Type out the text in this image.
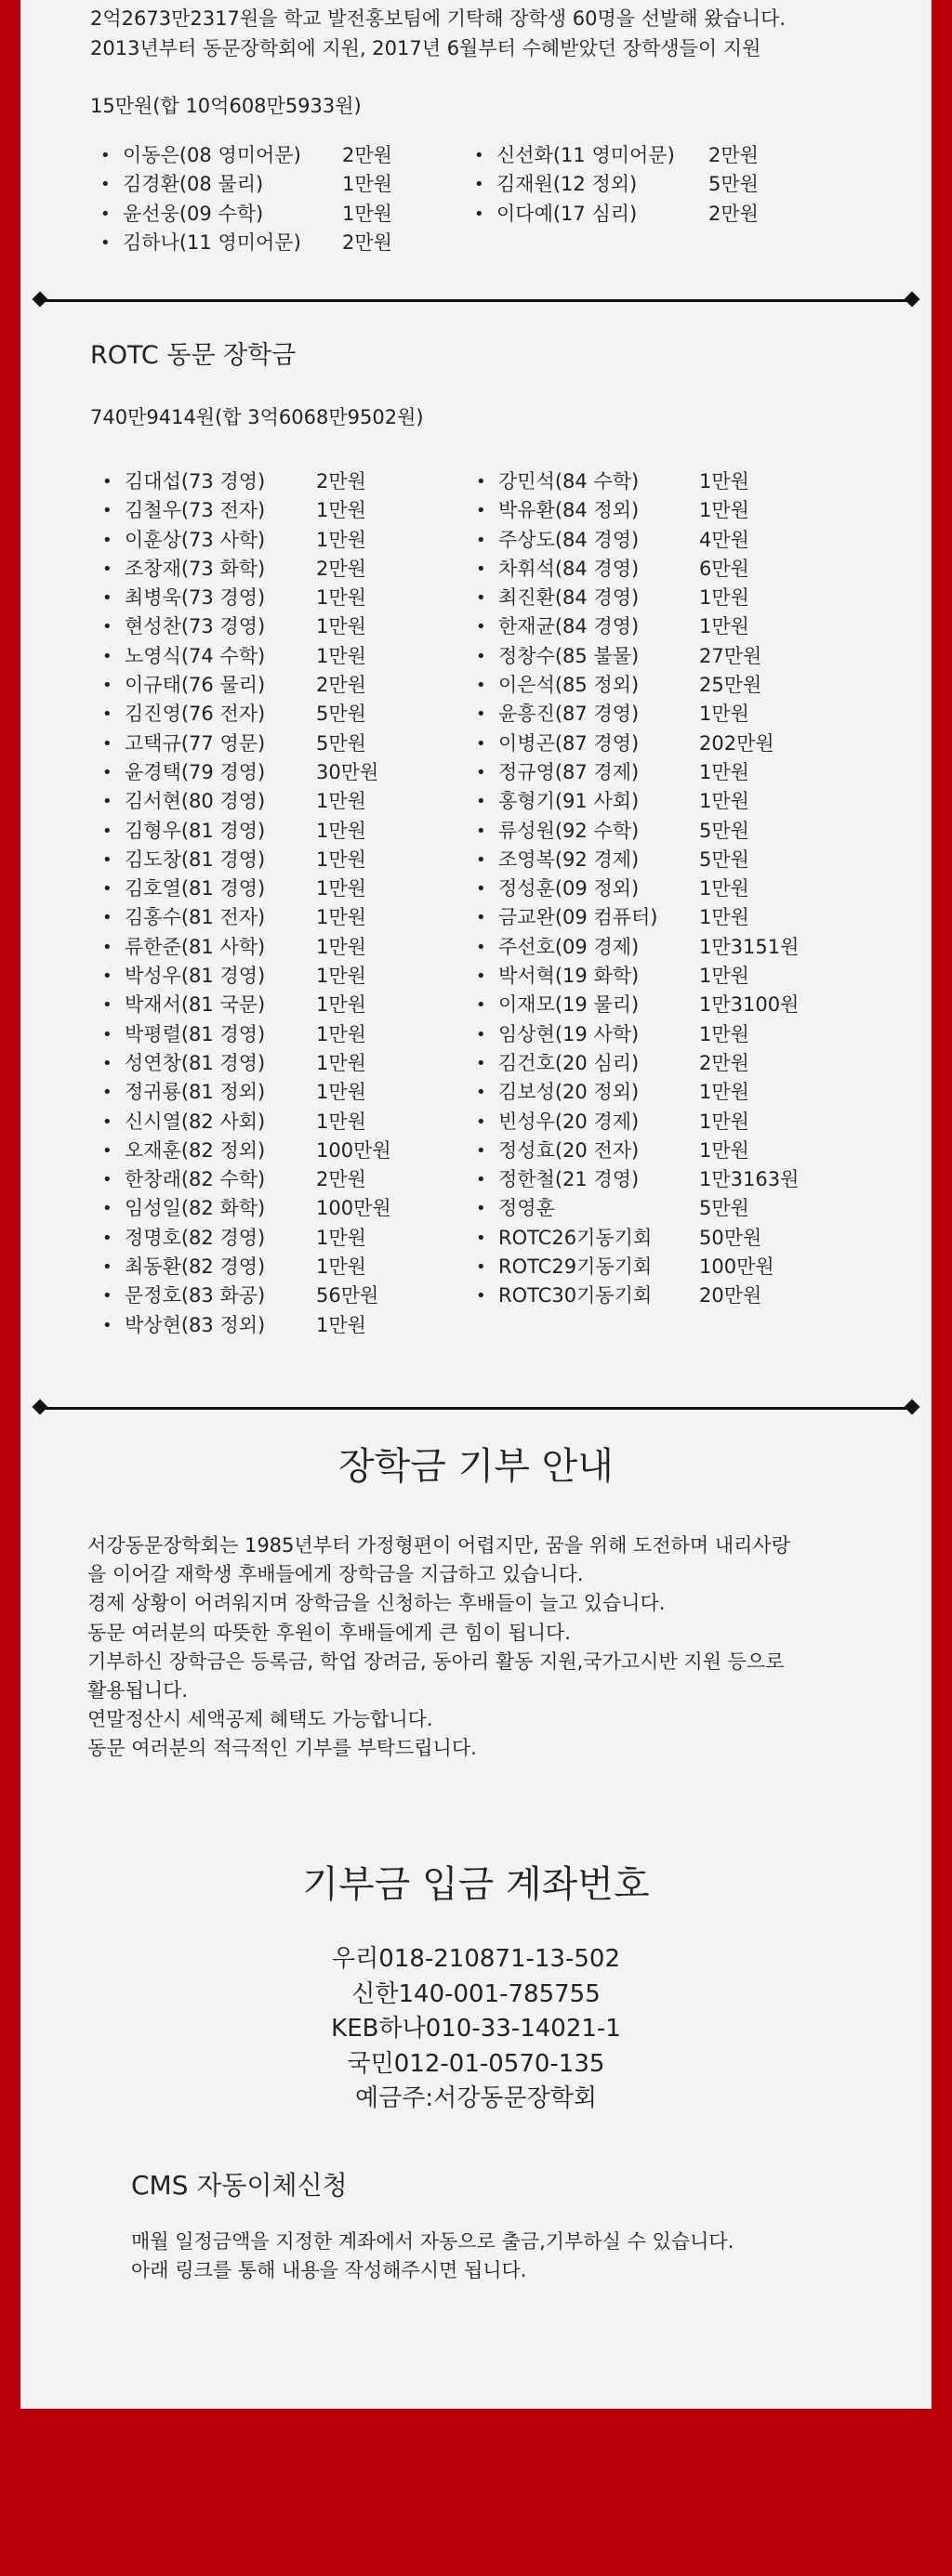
2억2673만2317원을 학교 발전홍보팀에 기탁해 장학생 60명을 선발해 왔습니다.
2013년부터 동문장학회에 지원, 2017년 6월부터 수혜받았던 장학생들이 지원
15만원(합 10억608만5933원)
• 이동은(08 영미어문) 2만원
• 김경환(08 물리)	1만원
• 윤선웅(09 수학)	1만원
• 김하나(11 영미어문) 2만원
• 신선화(11 영미어문) 2만원
• 김재원(12 정외)	5만원
• 이다예(17 심리)	2만원
ROTC 동문 장학금
740만9414원(합 3억6068만9502원)
• 김대섭(73 경영)	2만원
• 김철우(73 전자)	1만원
• 이훈상(73 사학)	1만원
• 조창재(73 화학)	2만원
• 최병욱(73 경영)	1만원
• 현성찬(73 경영)	1만원
• 노영식(74 수학)	1만원
• 이규태(76 물리)	2만원
• 김진영(76 전자)	5만원
• 고택규(77 영문)	5만원
• 윤경택(79 경영)	30만원
• 김서현(80 경영)	1만원
• 김형우(81 경영)	1만원
• 김도창(81 경영)	1만원
• 김호열(81 경영)	1만원
• 김홍수(81 전자)	1만원
• 류한준(81 사학)	1만원
• 박성우(81 경영)	1만원
• 박재서(81 국문)	1만원
• 박평렬(81 경영)	1만원
• 성연창(81 경영)	1만원
• 정귀룡(81 정외)	1만원
• 신시열(82 사회)	1만원
• 오재훈(82 정외)	100만원
• 한창래(82 수학)	2만원
• 임성일(82 화학)	100만원
• 정명호(82 경영)	1만원
• 최동환(82 경영)	1만원
• 문정호(83 화공)	56만원
• 박상현(83 정외)	1만원
• 강민석(84 수학)	1만원
• 박유환(84 정외)	1만원
• 주상도(84 경영)	4만원
• 차휘석(84 경영)	6만원
• 최진환(84 경영)	1만원
• 한재균(84 경영)	1만원
• 정창수(85 불물)	27만원
• 이은석(85 정외)	25만원
• 윤흥진(87 경영)	1만원
• 이병곤(87 경영)	202만원
• 정규영(87 경제)	1만원
• 홍형기(91 사회)	1만원
• 류성원(92 수학)	5만원
• 조영복(92 경제)	5만원
• 정성훈(09 정외)	1만원
• 금교완(09 컴퓨터) 1만원
• 주선호(09 경제)	1만3151원
• 박서혁(19 화학)	1만원
• 이재모(19 물리)	1만3100원
• 임상현(19 사학)	1만원
• 김건호(20 심리)	2만원
• 김보성(20 정외)	1만원
• 빈성우(20 경제)	1만원
• 정성효(20 전자)	1만원
• 정한철(21 경영)	1만3163원
• 정영훈	5만원
• ROTC26기동기회 50만원
• ROTC29기동기회 100만원
• ROTC30기동기회 20만원
장학금 기부 안내
서강동문장학회는 1985년부터 가정형편이 어렵지만, 꿈을 위해 도전하며 내리사랑
을 이어갈 재학생 후배들에게 장학금을 지급하고 있습니다.
경제 상황이 어려워지며 장학금을 신청하는 후배들이 늘고 있습니다.
동문 여러분의 따뜻한 후원이 후배들에게 큰 힘이 됩니다.
기부하신 장학금은 등록금, 학업 장려금, 동아리 활동 지원,국가고시반 지원 등으로
활용됩니다.
연말정산시 세액공제 혜택도 가능합니다.
동문 여러분의 적극적인 기부를 부탁드립니다.
기부금 입금 계좌번호
우리018-210871-13-502
신한140-001-785755
KEB하나010-33-14021-1
국민012-01-0570-135
예금주:서강동문장학회
CMS 자동이체신청
매월 일정금액을 지정한 계좌에서 자동으로 출금,기부하실 수 있습니다.
아래 링크를 통해 내용을 작성해주시면 됩니다.
